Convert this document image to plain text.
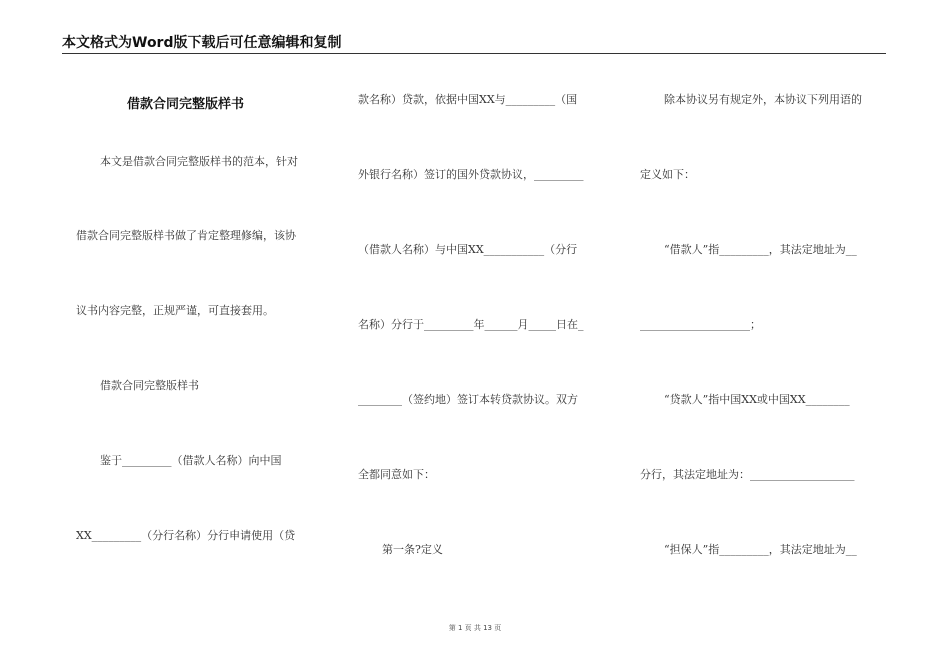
本文格式为Word版下载后可任意编辑和复制
借款合同完整版样书
本文是借款合同完整版样书的范本，针对
借款合同完整版样书做了肯定整理修编，该协
议书内容完整，正规严谨，可直接套用。
借款合同完整版样书
鉴于_________（借款人名称）向中国
XX_________（分行名称）分行申请使用（贷
款名称）贷款，依据中国XX与_________（国
外银行名称）签订的国外贷款协议，_________
（借款人名称）与中国XX___________（分行
名称）分行于_________年______月_____日在_
________（签约地）签订本转贷款协议。双方
全都同意如下：
第一条?定义
除本协议另有规定外，本协议下列用语的
定义如下：
“借款人”指_________，其法定地址为__
____________________；
“贷款人”指中国XX或中国XX________
分行，其法定地址为：___________________
“担保人”指_________，其法定地址为__
第 1 页 共 13 页
